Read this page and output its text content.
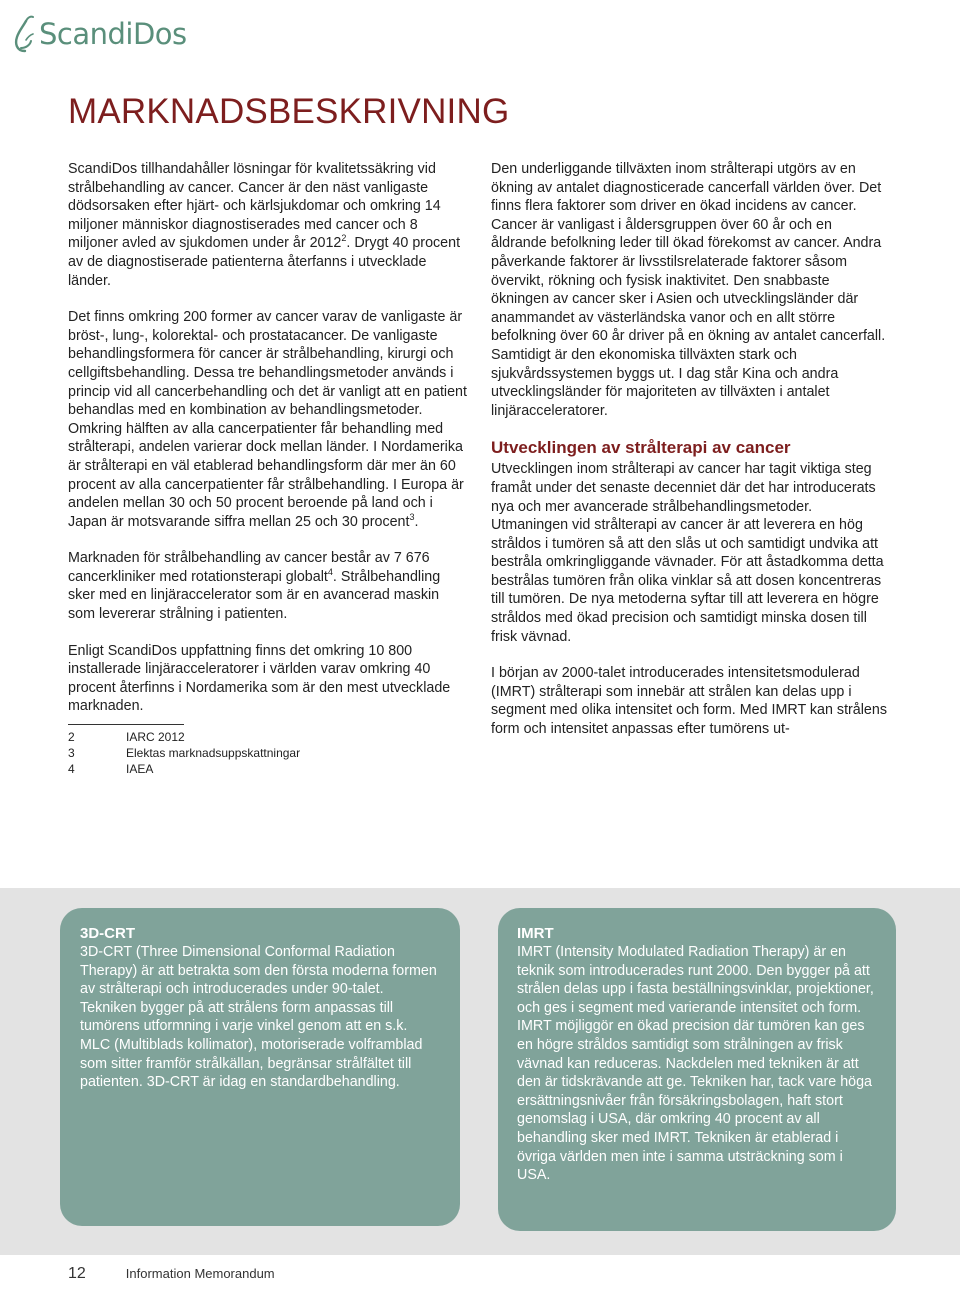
ScandiDos
MARKNADSBESKRIVNING

ScandiDos tillhandahåller lösningar för kvalitetssäkring vid strålbehandling av cancer. Cancer är den näst vanligaste dödsorsaken efter hjärt- och kärlsjukdomar och omkring 14 miljoner människor diagnostiserades med cancer och 8 miljoner avled av sjukdomen under år 2012$^2$. Drygt 40 procent av de diagnostiserade patienterna återfanns i utvecklade länder.

Det finns omkring 200 former av cancer varav de vanligaste är bröst-, lung-, kolorektal- och prostatacancer. De vanligaste behandlingsformera för cancer är strålbehandling, kirurgi och cellgiftsbehandling. Dessa tre behandlingsmetoder används i princip vid all cancerbehandling och det är vanligt att en patient behandlas med en kombination av behandlingsmetoder. Omkring hälften av alla cancerpatienter får behandling med strålterapi, andelen varierar dock mellan länder. I Nordamerika är strålterapi en väl etablerad behandlingsform där mer än 60 procent av alla cancerpatienter får strålbehandling. I Europa är andelen mellan 30 och 50 procent beroende på land och i Japan är motsvarande siffra mellan 25 och 30 procent$^3$.

Marknaden för strålbehandling av cancer består av 7 676 cancerkliniker med rotationsterapi globalt$^4$. Strålbehandling sker med en linjäraccelerator som är en avancerad maskin som levererar strålning i patienten.

Enligt ScandiDos uppfattning finns det omkring 10 800 installerade linjäracceleratorer i världen varav omkring 40 procent återfinns i Nordamerika som är den mest utvecklade marknaden.

2	IARC 2012
3	Elektas marknadsuppskattningar
4	IAEA

Den underliggande tillväxten inom strålterapi utgörs av en ökning av antalet diagnosticerade cancerfall världen över. Det finns flera faktorer som driver en ökad incidens av cancer. Cancer är vanligast i åldersgruppen över 60 år och en åldrande befolkning leder till ökad förekomst av cancer. Andra påverkande faktorer är livsstilsrelaterade faktorer såsom övervikt, rökning och fysisk inaktivitet. Den snabbaste ökningen av cancer sker i Asien och utvecklingsländer där anammandet av västerländska vanor och en allt större befolkning över 60 år driver på en ökning av antalet cancerfall. Samtidigt är den ekonomiska tillväxten stark och sjukvårdssystemen byggs ut. I dag står Kina och andra utvecklingsländer för majoriteten av tillväxten i antalet linjäracceleratorer.

Utvecklingen av strålterapi av cancer

Utvecklingen inom strålterapi av cancer har tagit viktiga steg framåt under det senaste decenniet där det har introducerats nya och mer avancerade strålbehandlingsmetoder. Utmaningen vid strålterapi av cancer är att leverera en hög stråldos i tumören så att den slås ut och samtidigt undvika att bestråla omkringliggande vävnader. För att åstadkomma detta bestrålas tumören från olika vinklar så att dosen koncentreras till tumören. De nya metoderna syftar till att leverera en högre stråldos med ökad precision och samtidigt minska dosen till frisk vävnad.

I början av 2000-talet introducerades intensitetsmodulerad (IMRT) strålterapi som innebär att strålen kan delas upp i segment med olika intensitet och form. Med IMRT kan strålens form och intensitet anpassas efter tumörens ut-

3D-CRT
3D-CRT (Three Dimensional Conformal Radiation Therapy) är att betrakta som den första moderna formen av strålterapi och introducerades under 90-talet. Tekniken bygger på att strålens form anpassas till tumörens utformning i varje vinkel genom att en s.k. MLC (Multiblads kollimator), motoriserade volframblad som sitter framför strålkällan, begränsar strålfältet till patienten. 3D-CRT är idag en standardbehandling.
IMRT
IMRT (Intensity Modulated Radiation Therapy) är en teknik som introducerades runt 2000. Den bygger på att strålen delas upp i fasta beställningsvinklar, projektioner, och ges i segment med varierande intensitet och form. IMRT möjliggör en ökad precision där tumören kan ges en högre stråldos samtidigt som strålningen av frisk vävnad kan reduceras. Nackdelen med tekniken är att den är tidskrävande att ge. Tekniken har, tack vare höga ersättningsnivåer från försäkringsbolagen, haft stort genomslag i USA, där omkring 40 procent av all behandling sker med IMRT. Tekniken är etablerad i övriga världen men inte i samma utsträckning som i USA.
12	Information Memorandum
